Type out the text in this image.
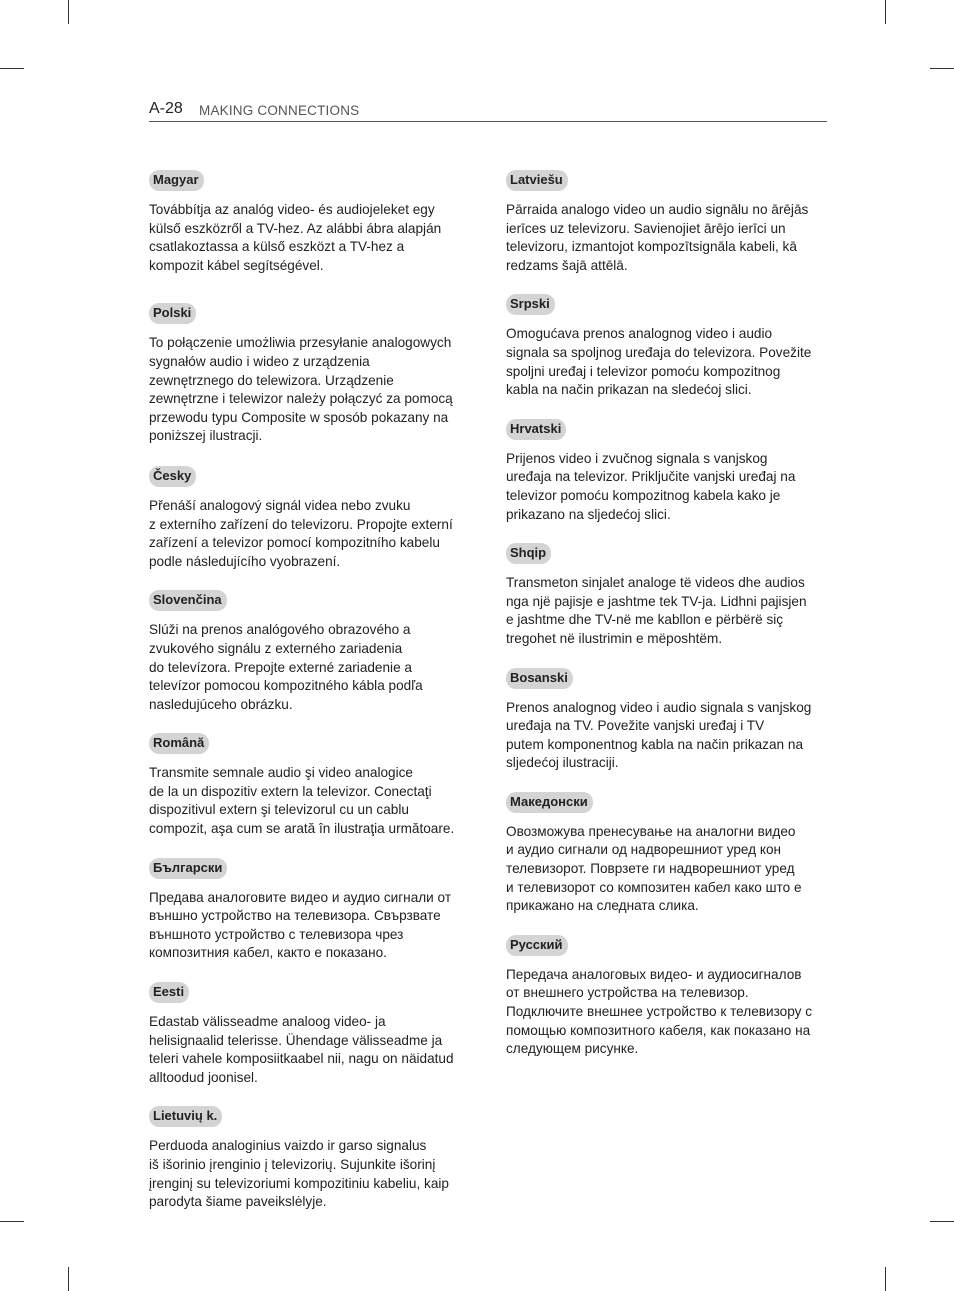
A-28 MAKING CONNECTIONS
Magyar

Továbbítja az analóg video- és audiojeleket egy
külső eszközről a TV-hez. Az alábbi ábra alapján
csatlakoztassa a külső eszközt a TV-hez a
kompozit kábel segítségével.

Polski

To połączenie umożliwia przesyłanie analogowych
sygnałów audio i wideo z urządzenia
zewnętrznego do telewizora. Urządzenie
zewnętrzne i telewizor należy połączyć za pomocą
przewodu typu Composite w sposób pokazany na
poniższej ilustracji.

Česky

Přenáší analogový signál videa nebo zvuku
z externího zařízení do televizoru. Propojte externí
zařízení a televizor pomocí kompozitního kabelu
podle následujícího vyobrazení.

Slovenčina

Slúži na prenos analógového obrazového a
zvukového signálu z externého zariadenia
do televízora. Prepojte externé zariadenie a
televízor pomocou kompozitného kábla podľa
nasledujúceho obrázku.

Română

Transmite semnale audio şi video analogice
de la un dispozitiv extern la televizor. Conectaţi
dispozitivul extern şi televizorul cu un cablu
compozit, aşa cum se arată în ilustraţia următoare.

Български

Предава аналоговите видео и аудио сигнали от
външно устройство на телевизора. Свързвате
външното устройство с телевизора чрез
композитния кабел, както е показано.

Eesti

Edastab välisseadme analoog video- ja
helisignaalid telerisse. Ühendage välisseadme ja
teleri vahele komposiitkaabel nii, nagu on näidatud
alltoodud joonisel.

Lietuvių k.

Perduoda analoginius vaizdo ir garso signalus
iš išorinio įrenginio į televizorių. Sujunkite išorinį
įrenginį su televizoriumi kompozitiniu kabeliu, kaip
parodyta šiame paveikslėlyje.

Latviešu

Pārraida analogo video un audio signālu no ārējās
ierīces uz televizoru. Savienojiet ārējo ierīci un
televizoru, izmantojot kompozītsignāla kabeli, kā
redzams šajā attēlā.

Srpski

Omogućava prenos analognog video i audio
signala sa spoljnog uređaja do televizora. Povežite
spoljni uređaj i televizor pomoću kompozitnog
kabla na način prikazan na sledećoj slici.

Hrvatski

Prijenos video i zvučnog signala s vanjskog
uređaja na televizor. Priključite vanjski uređaj na
televizor pomoću kompozitnog kabela kako je
prikazano na sljedećoj slici.

Shqip

Transmeton sinjalet analoge të videos dhe audios
nga një pajisje e jashtme tek TV-ja. Lidhni pajisjen
e jashtme dhe TV-në me kabllon e përbërë siç
tregohet në ilustrimin e mëposhtëm.

Bosanski

Prenos analognog video i audio signala s vanjskog
uređaja na TV. Povežite vanjski uređaj i TV
putem komponentnog kabla na način prikazan na
sljedećoj ilustraciji.

Македонски

Овозможува пренесување на аналогни видео
и аудио сигнали од надворешниот уред кон
телевизорот. Поврзете ги надворешниот уред
и телевизорот со композитен кабел како што е
прикажано на следната слика.

Русский

Передача аналоговых видео- и аудиосигналов
от внешнего устройства на телевизор.
Подключите внешнее устройство к телевизору с
помощью композитного кабеля, как показано на
следующем рисунке.
